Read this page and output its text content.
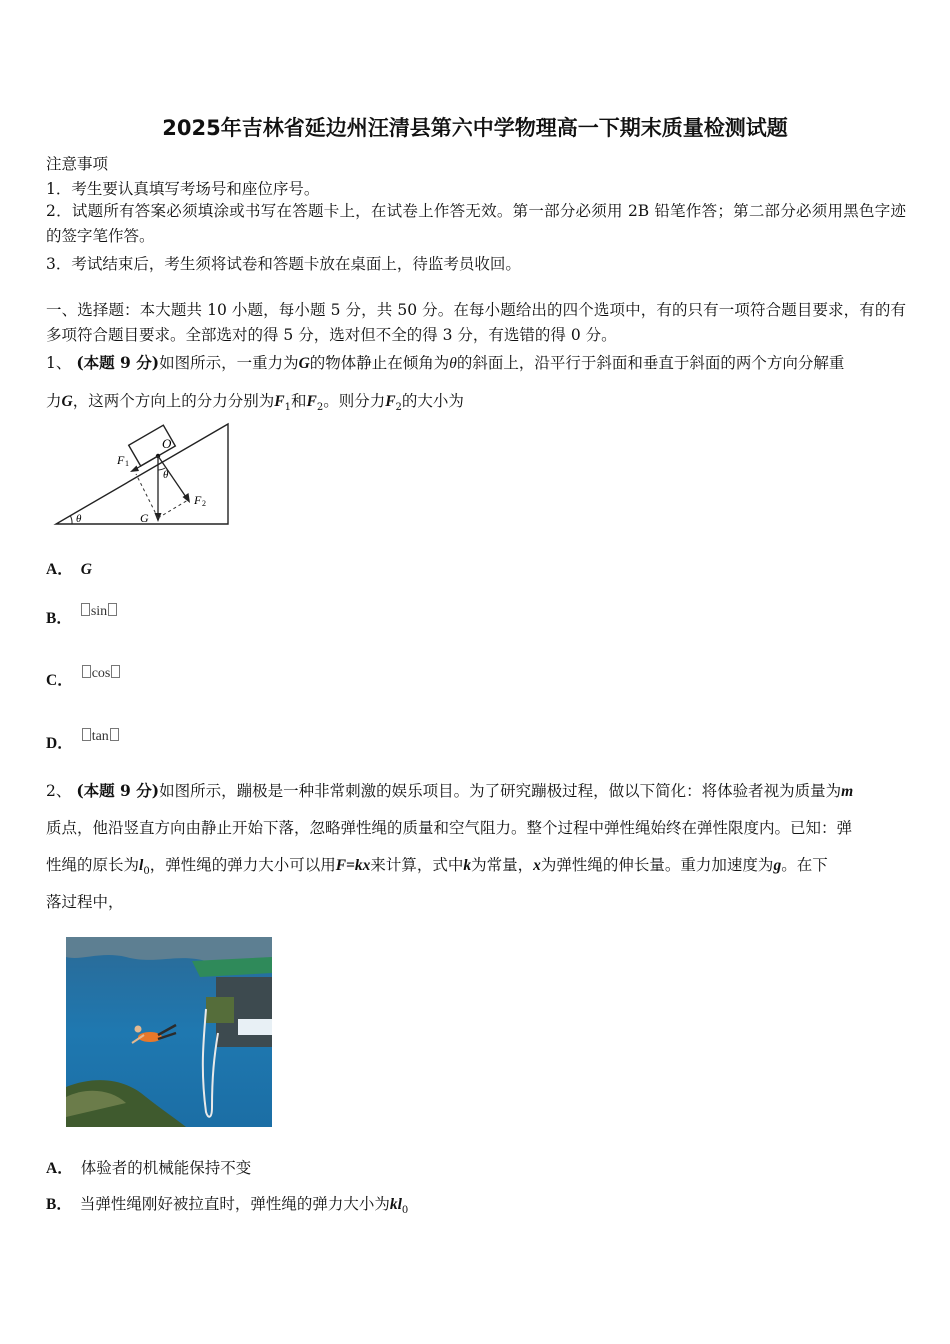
2025年吉林省延边州汪清县第六中学物理高一下期末质量检测试题
注意事项
1．考生要认真填写考场号和座位序号。
2．试题所有答案必须填涂或书写在答题卡上，在试卷上作答无效。第一部分必须用 2B 铅笔作答；第二部分必须用黑色字迹的签字笔作答。
3．考试结束后，考生须将试卷和答题卡放在桌面上，待监考员收回。
一、选择题：本大题共 10 小题，每小题 5 分，共 50 分。在每小题给出的四个选项中，有的只有一项符合题目要求，有的有多项符合题目要求。全部选对的得 5 分，选对但不全的得 3 分，有选错的得 0 分。
1、 (本题 9 分)如图所示，一重力为G的物体静止在倾角为θ的斜面上，沿平行于斜面和垂直于斜面的两个方向分解重
力G，这两个方向上的分力分别为$F_1$和$F_2$。则分力$F_2$的大小为
θ
θ
O
G
F 1
F 2
A． G
B． sin
C． cos
D． tan
2、 (本题 9 分)如图所示，蹦极是一种非常刺激的娱乐项目。为了研究蹦极过程，做以下简化：将体验者视为质量为m
质点，他沿竖直方向由静止开始下落，忽略弹性绳的质量和空气阻力。整个过程中弹性绳始终在弹性限度内。已知：弹
性绳的原长为$l_0$，弹性绳的弹力大小可以用F=kx来计算，式中k为常量，x为弹性绳的伸长量。重力加速度为g。在下
落过程中，
A． 体验者的机械能保持不变
B． 当弹性绳刚好被拉直时，弹性绳的弹力大小为$kl_0$
